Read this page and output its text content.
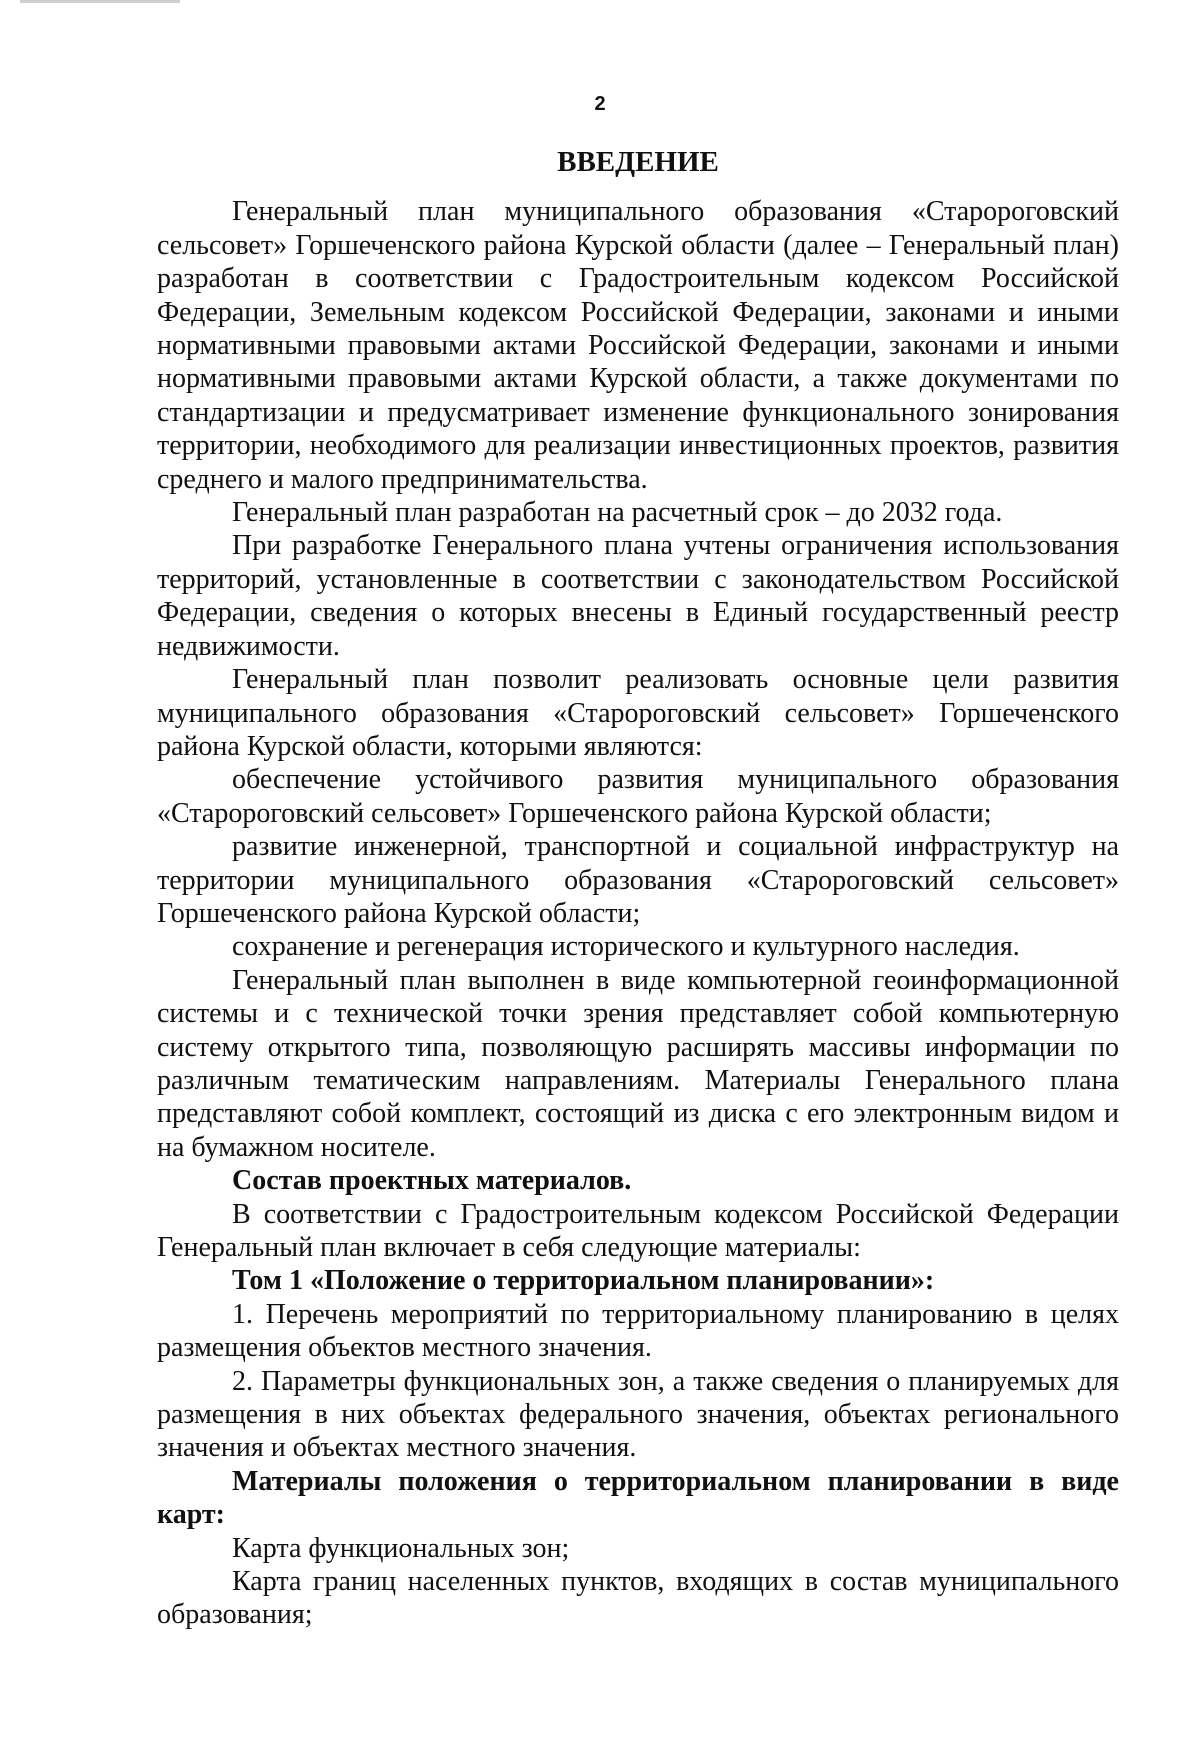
2

ВВЕДЕНИЕ

Генеральный план муниципального образования «Старороговский сельсовет» Горшеченского района Курской области (далее – Генеральный план) разработан в соответствии с Градостроительным кодексом Российской Федерации, Земельным кодексом Российской Федерации, законами и иными нормативными правовыми актами Российской Федерации, законами и иными нормативными правовыми актами Курской области, а также документами по стандартизации и предусматривает изменение функционального зонирования территории, необходимого для реализации инвестиционных проектов, развития среднего и малого предпринимательства.

Генеральный план разработан на расчетный срок – до 2032 года.

При разработке Генерального плана учтены ограничения использования территорий, установленные в соответствии с законодательством Российской Федерации, сведения о которых внесены в Единый государственный реестр недвижимости.

Генеральный план позволит реализовать основные цели развития муниципального образования «Старороговский сельсовет» Горшеченского района Курской области, которыми являются:

обеспечение устойчивого развития муниципального образования «Старороговский сельсовет» Горшеченского района Курской области;

развитие инженерной, транспортной и социальной инфраструктур на территории муниципального образования «Старороговский сельсовет» Горшеченского района Курской области;

сохранение и регенерация исторического и культурного наследия.

Генеральный план выполнен в виде компьютерной геоинформационной системы и с технической точки зрения представляет собой компьютерную систему открытого типа, позволяющую расширять массивы информации по различным тематическим направлениям. Материалы Генерального плана представляют собой комплект, состоящий из диска с его электронным видом и на бумажном носителе.

Состав проектных материалов.

В соответствии с Градостроительным кодексом Российской Федерации Генеральный план включает в себя следующие материалы:

Том 1 «Положение о территориальном планировании»:

1. Перечень мероприятий по территориальному планированию в целях размещения объектов местного значения.

2. Параметры функциональных зон, а также сведения о планируемых для размещения в них объектах федерального значения, объектах регионального значения и объектах местного значения.

Материалы положения о территориальном планировании в виде карт:

Карта функциональных зон;

Карта границ населенных пунктов, входящих в состав муниципального образования;
